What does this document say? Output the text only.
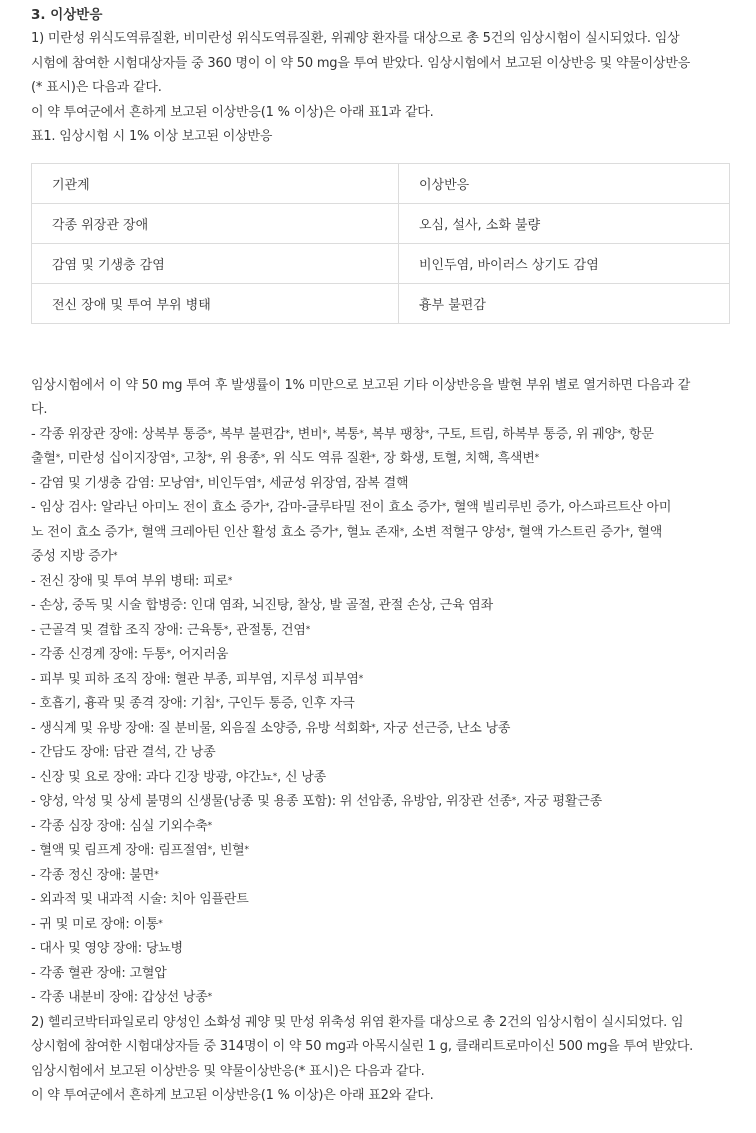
3. 이상반응
1) 미란성 위식도역류질환, 비미란성 위식도역류질환, 위궤양 환자를 대상으로 총 5건의 임상시험이 실시되었다. 임상
시험에 참여한 시험대상자들 중 360 명이 이 약 50 mg을 투여 받았다. 임상시험에서 보고된 이상반응 및 약물이상반응
(* 표시)은 다음과 같다.
이 약 투여군에서 흔하게 보고된 이상반응(1 % 이상)은 아래 표1과 같다.
표1. 임상시험 시 1% 이상 보고된 이상반응
기관계	이상반응
각종 위장관 장애	오심, 설사, 소화 불량
감염 및 기생충 감염	비인두염, 바이러스 상기도 감염
전신 장애 및 투여 부위 병태	흉부 불편감
임상시험에서 이 약 50 mg 투여 후 발생률이 1% 미만으로 보고된 기타 이상반응을 발현 부위 별로 열거하면 다음과 같
다.
- 각종 위장관 장애: 상복부 통증*, 복부 불편감*, 변비*, 복통*, 복부 팽창*, 구토, 트림, 하복부 통증, 위 궤양*, 항문
출혈*, 미란성 십이지장염*, 고창*, 위 용종*, 위 식도 역류 질환*, 장 화생, 토혈, 치핵, 흑색변*
- 감염 및 기생충 감염: 모낭염*, 비인두염*, 세균성 위장염, 잠복 결핵
- 임상 검사: 알라닌 아미노 전이 효소 증가*, 감마-글루타밀 전이 효소 증가*, 혈액 빌리루빈 증가, 아스파르트산 아미
노 전이 효소 증가*, 혈액 크레아틴 인산 활성 효소 증가*, 혈뇨 존재*, 소변 적혈구 양성*, 혈액 가스트린 증가*, 혈액
중성 지방 증가*
- 전신 장애 및 투여 부위 병태: 피로*
- 손상, 중독 및 시술 합병증: 인대 염좌, 뇌진탕, 찰상, 발 골절, 관절 손상, 근육 염좌
- 근골격 및 결합 조직 장애: 근육통*, 관절통, 건염*
- 각종 신경계 장애: 두통*, 어지러움
- 피부 및 피하 조직 장애: 혈관 부종, 피부염, 지루성 피부염*
- 호흡기, 흉곽 및 종격 장애: 기침*, 구인두 통증, 인후 자극
- 생식계 및 유방 장애: 질 분비물, 외음질 소양증, 유방 석회화*, 자궁 선근증, 난소 낭종
- 간담도 장애: 담관 결석, 간 낭종
- 신장 및 요로 장애: 과다 긴장 방광, 야간뇨*, 신 낭종
- 양성, 악성 및 상세 불명의 신생물(낭종 및 용종 포함): 위 선암종, 유방암, 위장관 선종*, 자궁 평활근종
- 각종 심장 장애: 심실 기외수축*
- 혈액 및 림프계 장애: 림프절염*, 빈혈*
- 각종 정신 장애: 불면*
- 외과적 및 내과적 시술: 치아 임플란트
- 귀 및 미로 장애: 이통*
- 대사 및 영양 장애: 당뇨병
- 각종 혈관 장애: 고혈압
- 각종 내분비 장애: 갑상선 낭종*
2) 헬리코박터파일로리 양성인 소화성 궤양 및 만성 위축성 위염 환자를 대상으로 총 2건의 임상시험이 실시되었다. 임
상시험에 참여한 시험대상자들 중 314명이 이 약 50 mg과 아목시실린 1 g, 클래리트로마이신 500 mg을 투여 받았다.
임상시험에서 보고된 이상반응 및 약물이상반응(* 표시)은 다음과 같다.
이 약 투여군에서 흔하게 보고된 이상반응(1 % 이상)은 아래 표2와 같다.
